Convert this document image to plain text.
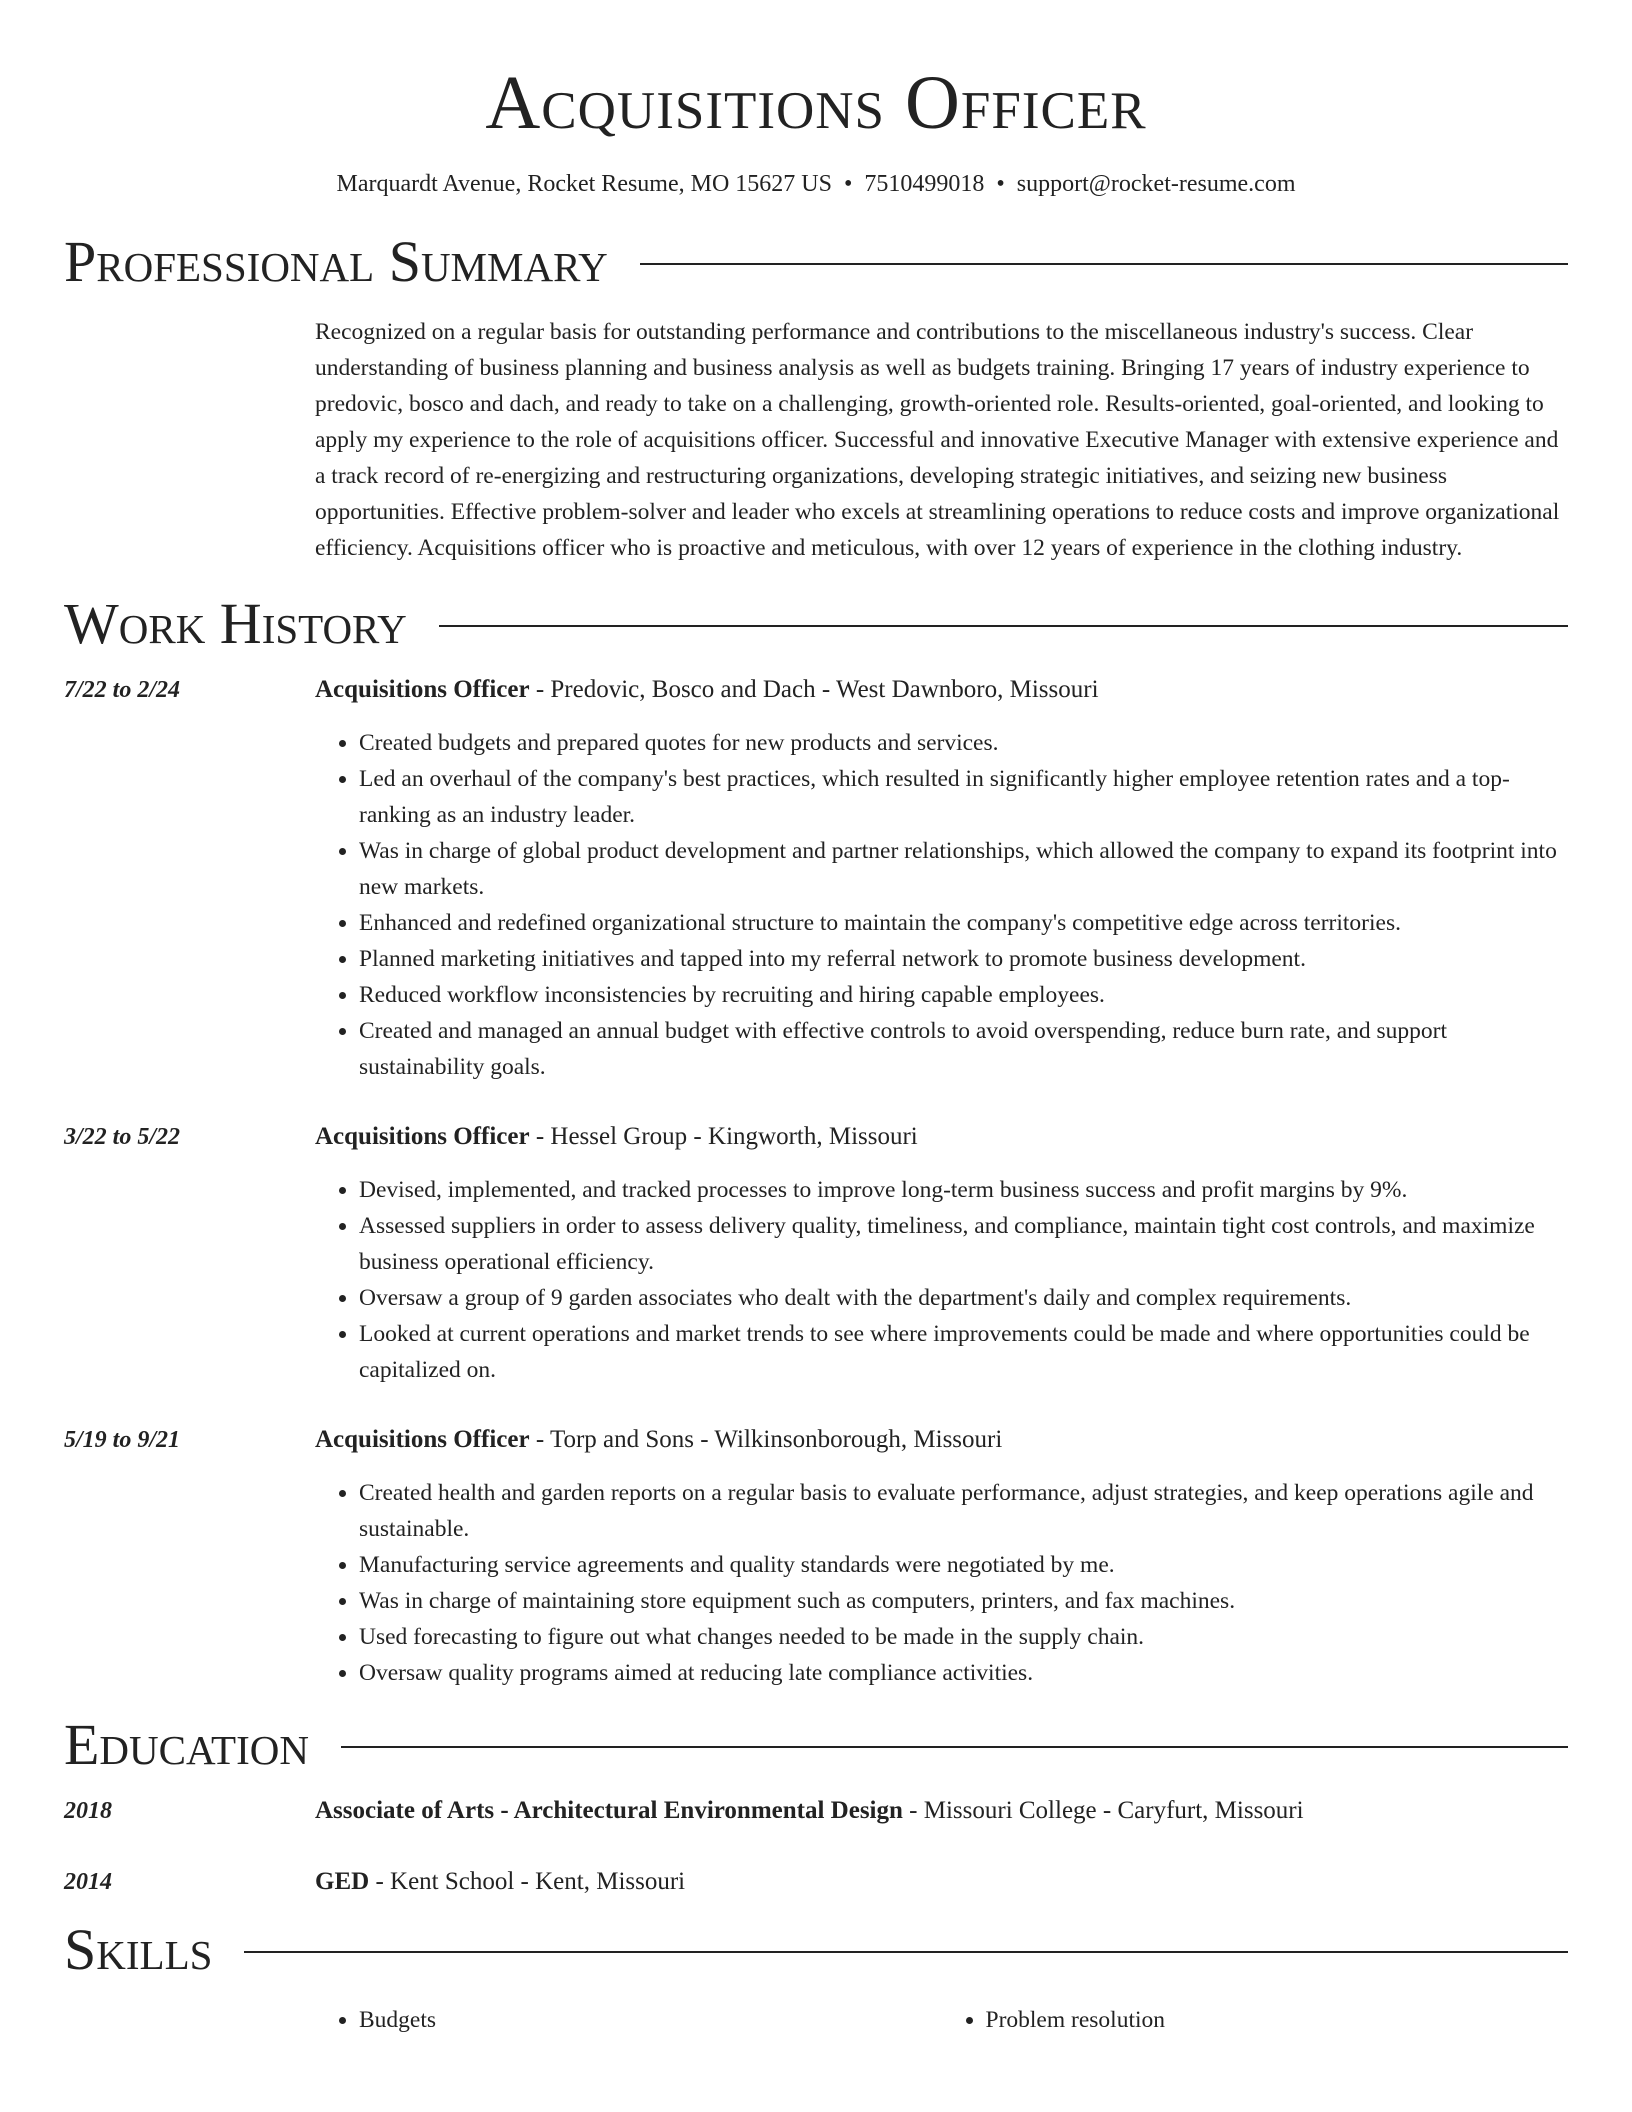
Acquisitions Officer
Marquardt Avenue, Rocket Resume, MO 15627 US • 7510499018 • support@rocket-resume.com
Professional Summary

Recognized on a regular basis for outstanding performance and contributions to the miscellaneous industry's success. Clear understanding of business planning and business analysis as well as budgets training. Bringing 17 years of industry experience to predovic, bosco and dach, and ready to take on a challenging, growth-oriented role. Results-oriented, goal-oriented, and looking to apply my experience to the role of acquisitions officer. Successful and innovative Executive Manager with extensive experience and a track record of re-energizing and restructuring organizations, developing strategic initiatives, and seizing new business opportunities. Effective problem-solver and leader who excels at streamlining operations to reduce costs and improve organizational efficiency. Acquisitions officer who is proactive and meticulous, with over 12 years of experience in the clothing industry.

Work History
7/22 to 2/24	Acquisitions Officer - Predovic, Bosco and Dach - West Dawnboro, Missouri
• Created budgets and prepared quotes for new products and services.
• Led an overhaul of the company's best practices, which resulted in significantly higher employee retention rates and a top-ranking as an industry leader.
• Was in charge of global product development and partner relationships, which allowed the company to expand its footprint into new markets.
• Enhanced and redefined organizational structure to maintain the company's competitive edge across territories.
• Planned marketing initiatives and tapped into my referral network to promote business development.
• Reduced workflow inconsistencies by recruiting and hiring capable employees.
• Created and managed an annual budget with effective controls to avoid overspending, reduce burn rate, and support sustainability goals.
3/22 to 5/22	Acquisitions Officer - Hessel Group - Kingworth, Missouri
• Devised, implemented, and tracked processes to improve long-term business success and profit margins by 9%.
• Assessed suppliers in order to assess delivery quality, timeliness, and compliance, maintain tight cost controls, and maximize business operational efficiency.
• Oversaw a group of 9 garden associates who dealt with the department's daily and complex requirements.
• Looked at current operations and market trends to see where improvements could be made and where opportunities could be capitalized on.
5/19 to 9/21	Acquisitions Officer - Torp and Sons - Wilkinsonborough, Missouri
• Created health and garden reports on a regular basis to evaluate performance, adjust strategies, and keep operations agile and sustainable.
• Manufacturing service agreements and quality standards were negotiated by me.
• Was in charge of maintaining store equipment such as computers, printers, and fax machines.
• Used forecasting to figure out what changes needed to be made in the supply chain.
• Oversaw quality programs aimed at reducing late compliance activities.
Education
2018	Associate of Arts - Architectural Environmental Design - Missouri College - Caryfurt, Missouri
2014	GED - Kent School - Kent, Missouri
Skills
• Budgets
•	Problem resolution
